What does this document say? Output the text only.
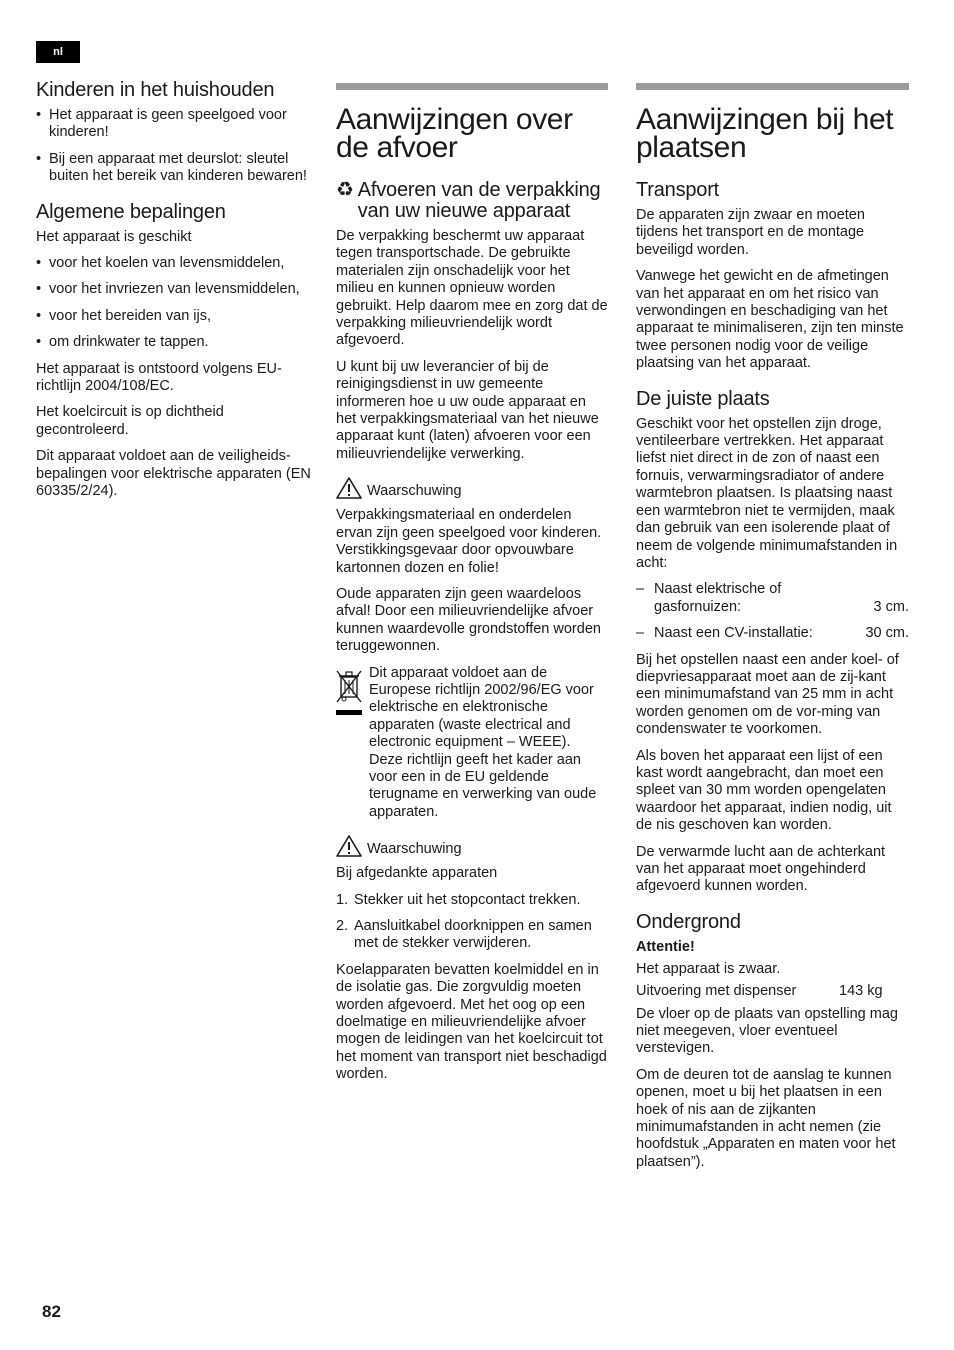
nl
Kinderen in het huishouden
• Het apparaat is geen speelgoed voor kinderen!
• Bij een apparaat met deurslot: sleutel buiten het bereik van kinderen bewaren!
Algemene bepalingen

Het apparaat is geschikt

• voor het koelen van levensmiddelen,
• voor het invriezen van levensmiddelen,
• voor het bereiden van ijs,
• om drinkwater te tappen.

Het apparaat is ontstoord volgens EU-richtlijn 2004/108/EC.

Het koelcircuit is op dichtheid gecontroleerd.

Dit apparaat voldoet aan de veiligheids-bepalingen voor elektrische apparaten (EN 60335/2/24).

Aanwijzingen over de afvoer
♻ Afvoeren van de verpakking van uw nieuwe apparaat

De verpakking beschermt uw apparaat tegen transportschade. De gebruikte materialen zijn onschadelijk voor het milieu en kunnen opnieuw worden gebruikt. Help daarom mee en zorg dat de verpakking milieuvriendelijk wordt afgevoerd.

U kunt bij uw leverancier of bij de reinigingsdienst in uw gemeente informeren hoe u uw oude apparaat en het verpakkingsmateriaal van het nieuwe apparaat kunt (laten) afvoeren voor een milieuvriendelijke verwerking.

Waarschuwing

Verpakkingsmateriaal en onderdelen ervan zijn geen speelgoed voor kinderen. Verstikkingsgevaar door opvouwbare kartonnen dozen en folie!

Oude apparaten zijn geen waardeloos afval! Door een milieuvriendelijke afvoer kunnen waardevolle grondstoffen worden teruggewonnen.

Dit apparaat voldoet aan de Europese richtlijn 2002/96/EG voor elektrische en elektronische apparaten (waste electrical and electronic equipment – WEEE). Deze richtlijn geeft het kader aan voor een in de EU geldende terugname en verwerking van oude apparaten.

Waarschuwing

Bij afgedankte apparaten

1. Stekker uit het stopcontact trekken.
2. Aansluitkabel doorknippen en samen met de stekker verwijderen.

Koelapparaten bevatten koelmiddel en in de isolatie gas. Die zorgvuldig moeten worden afgevoerd. Met het oog op een doelmatige en milieuvriendelijke afvoer mogen de leidingen van het koelcircuit tot het moment van transport niet beschadigd worden.

Aanwijzingen bij het plaatsen
Transport

De apparaten zijn zwaar en moeten tijdens het transport en de montage beveiligd worden.

Vanwege het gewicht en de afmetingen van het apparaat en om het risico van verwondingen en beschadiging van het apparaat te minimaliseren, zijn ten minste twee personen nodig voor de veilige plaatsing van het apparaat.

De juiste plaats

Geschikt voor het opstellen zijn droge, ventileerbare vertrekken. Het apparaat liefst niet direct in de zon of naast een fornuis, verwarmingsradiator of andere warmtebron plaatsen. Is plaatsing naast een warmtebron niet te vermijden, maak dan gebruik van een isolerende plaat of neem de volgende minimumafstanden in acht:

– Naast elektrische of gasfornuizen:	3 cm.
– Naast een CV-installatie:	30 cm.

Bij het opstellen naast een ander koel- of diepvriesapparaat moet aan de zij-kant een minimumafstand van 25 mm in acht worden genomen om de vor-ming van condenswater te voorkomen.

Als boven het apparaat een lijst of een kast wordt aangebracht, dan moet een spleet van 30 mm worden opengelaten waardoor het apparaat, indien nodig, uit de nis geschoven kan worden.

De verwarmde lucht aan de achterkant van het apparaat moet ongehinderd afgevoerd kunnen worden.

Ondergrond
Attentie!

Het apparaat is zwaar.

Uitvoering met dispenser	143 kg

De vloer op de plaats van opstelling mag niet meegeven, vloer eventueel verstevigen.

Om de deuren tot de aanslag te kunnen openen, moet u bij het plaatsen in een hoek of nis aan de zijkanten minimumafstanden in acht nemen (zie hoofdstuk „Apparaten en maten voor het plaatsen”).

82
